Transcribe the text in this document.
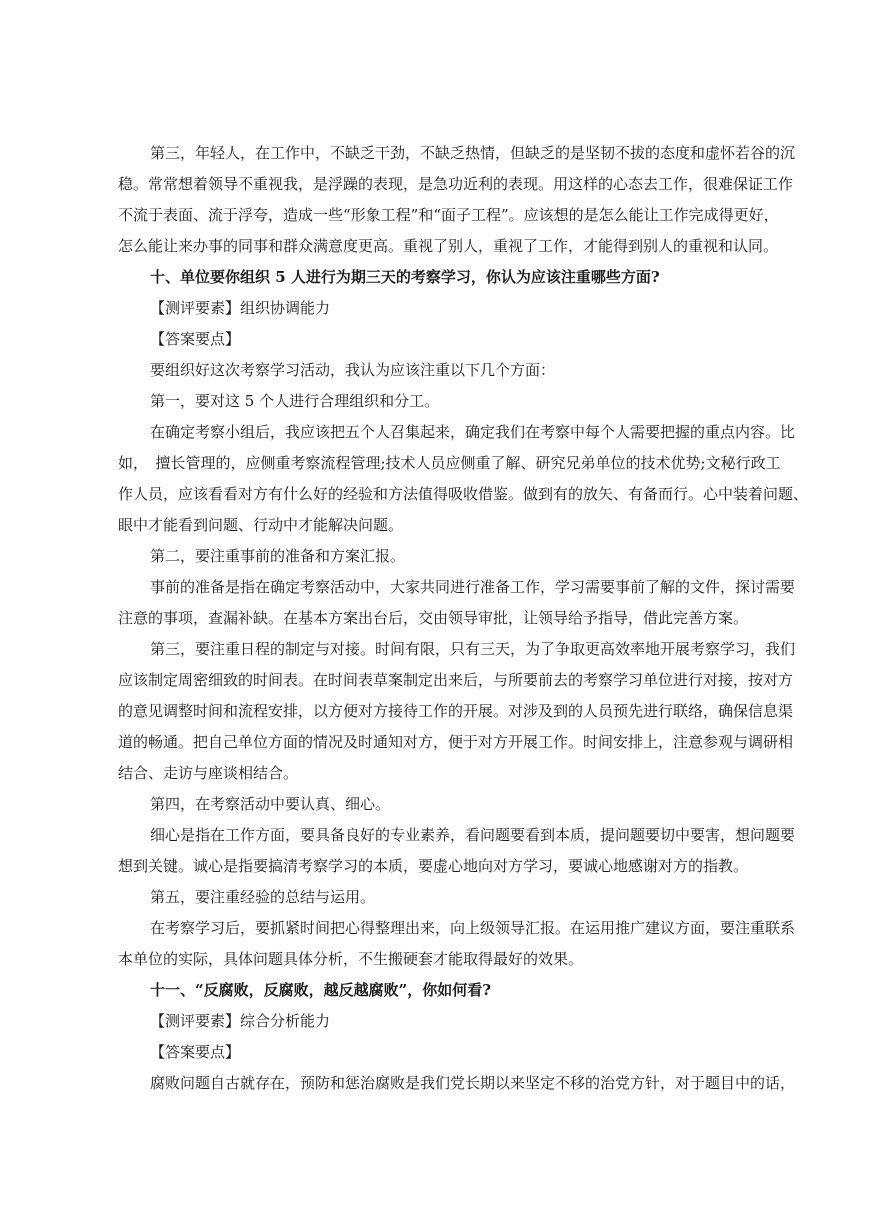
第三，年轻人，在工作中，不缺乏干劲，不缺乏热情，但缺乏的是坚韧不拔的态度和虚怀若谷的沉

稳。常常想着领导不重视我，是浮躁的表现，是急功近利的表现。用这样的心态去工作，很难保证工作

不流于表面、流于浮夸，造成一些“形象工程”和“面子工程”。应该想的是怎么能让工作完成得更好，

怎么能让来办事的同事和群众满意度更高。重视了别人，重视了工作，才能得到别人的重视和认同。

十、单位要你组织 5 人进行为期三天的考察学习，你认为应该注重哪些方面?

【测评要素】组织协调能力

【答案要点】

要组织好这次考察学习活动，我认为应该注重以下几个方面：

第一，要对这 5 个人进行合理组织和分工。

在确定考察小组后，我应该把五个人召集起来，确定我们在考察中每个人需要把握的重点内容。比

如，　擅长管理的，应侧重考察流程管理;技术人员应侧重了解、研究兄弟单位的技术优势;文秘行政工

作人员，应该看看对方有什么好的经验和方法值得吸收借鉴。做到有的放矢、有备而行。心中装着问题、

眼中才能看到问题、行动中才能解决问题。

第二，要注重事前的准备和方案汇报。

事前的准备是指在确定考察活动中，大家共同进行准备工作，学习需要事前了解的文件，探讨需要

注意的事项，查漏补缺。在基本方案出台后，交由领导审批，让领导给予指导，借此完善方案。

第三，要注重日程的制定与对接。时间有限，只有三天，为了争取更高效率地开展考察学习，我们

应该制定周密细致的时间表。在时间表草案制定出来后，与所要前去的考察学习单位进行对接，按对方

的意见调整时间和流程安排，以方便对方接待工作的开展。对涉及到的人员预先进行联络，确保信息渠

道的畅通。把自己单位方面的情况及时通知对方，便于对方开展工作。时间安排上，注意参观与调研相

结合、走访与座谈相结合。

第四，在考察活动中要认真、细心。

细心是指在工作方面，要具备良好的专业素养，看问题要看到本质，提问题要切中要害，想问题要

想到关键。诚心是指要搞清考察学习的本质，要虚心地向对方学习，要诚心地感谢对方的指教。

第五，要注重经验的总结与运用。

在考察学习后，要抓紧时间把心得整理出来，向上级领导汇报。在运用推广建议方面，要注重联系

本单位的实际，具体问题具体分析，不生搬硬套才能取得最好的效果。

十一、“反腐败，反腐败，越反越腐败”，你如何看?

【测评要素】综合分析能力

【答案要点】

腐败问题自古就存在，预防和惩治腐败是我们党长期以来坚定不移的治党方针，对于题目中的话，
